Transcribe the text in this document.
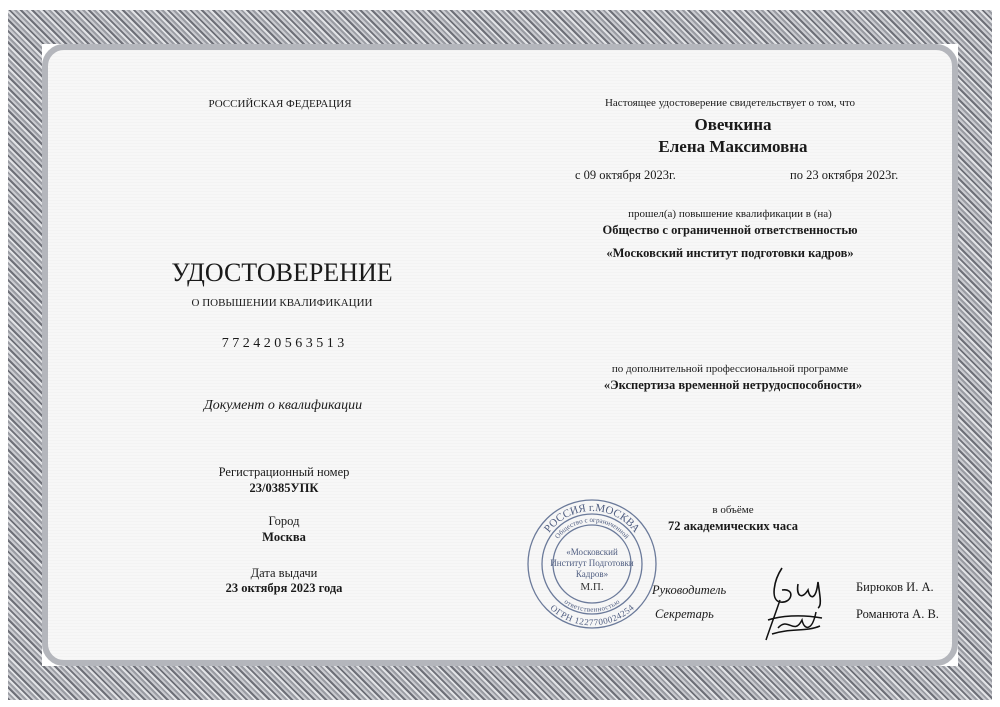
РОССИЙСКАЯ ФЕДЕРАЦИЯ
УДОСТОВЕРЕНИЕ
О ПОВЫШЕНИИ КВАЛИФИКАЦИИ
7 7 2 4 2 0 5 6 3 5 1 3
Документ о квалификации
Регистрационный номер
23/0385УПК
Город
Москва
Дата выдачи
23 октября 2023 года
Настоящее удостоверение свидетельствует о том, что
Овечкина
Елена Максимовна
с 09 октября 2023г.	по 23 октября 2023г.
прошел(а) повышение квалификации в (на)
Общество с ограниченной ответственностью
«Московский институт подготовки кадров»
по дополнительной профессиональной программе
«Экспертиза временной нетрудоспособности»
в объёме
72 академических часа
Руководитель	Бирюков И. А.
Секретарь	Романюта А. В.
РОССИЯ г.МОСКВА
Общество с ограниченной
«Московский
Институт Подготовки
Кадров»
М.П.
ответственностью
ОГРН 1227700024254
